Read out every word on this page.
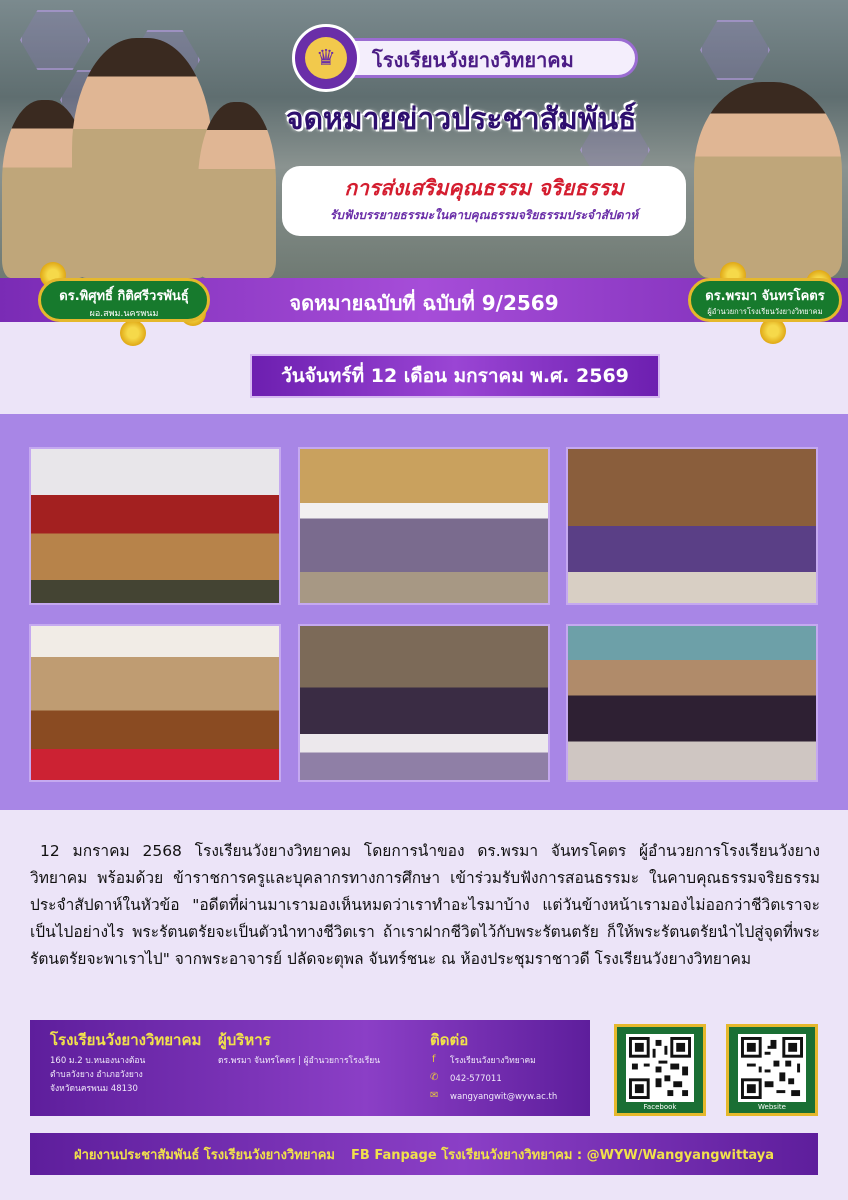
♛	โรงเรียนวังยางวิทยาคม
จดหมายข่าวประชาสัมพันธ์
การส่งเสริมคุณธรรม จริยธรรม
รับฟังบรรยายธรรมะในคาบคุณธรรมจริยธรรมประจำสัปดาห์
จดหมายฉบับที่ ฉบับที่ 9/2569
ดร.พิศุทธิ์ กิติศรีวรพันธุ์
ผอ.สพม.นครพนม
ดร.พรมา จันทรโคตร
ผู้อำนวยการโรงเรียนวังยางวิทยาคม
วันจันทร์ที่ 12 เดือน มกราคม พ.ศ. 2569
12 มกราคม 2568 โรงเรียนวังยางวิทยาคม โดยการนำของ ดร.พรมา จันทรโคตร ผู้อำนวยการโรงเรียนวังยางวิทยาคม พร้อมด้วย ข้าราชการครูและบุคลากรทางการศึกษา เข้าร่วมรับฟังการสอนธรรมะ ในคาบคุณธรรมจริยธรรม ประจำสัปดาห์ในหัวข้อ "อดีตที่ผ่านมาเรามองเห็นหมดว่าเราทำอะไรมาบ้าง แต่วันข้างหน้าเรามองไม่ออกว่าชีวิตเราจะเป็นไปอย่างไร พระรัตนตรัยจะเป็นตัวนำทางชีวิตเรา ถ้าเราฝากชีวิตไว้กับพระรัตนตรัย ก็ให้พระรัตนตรัยนำไปสู่จุดที่พระรัตนตรัยจะพาเราไป" จากพระอาจารย์ ปลัดจะตุพล จันทร์ชนะ ณ ห้องประชุมราชาวดี โรงเรียนวังยางวิทยาคม
โรงเรียนวังยางวิทยาคม
160 ม.2 บ.หนองนางต้อน
ตำบลวังยาง อำเภอวังยาง
จังหวัดนครพนม 48130
ผู้บริหาร
ดร.พรมา จันทรโคตร | ผู้อำนวยการโรงเรียน
ติดต่อ
f โรงเรียนวังยางวิทยาคม
✆ 042-577011
✉ wangyangwit@wyw.ac.th
Facebook	Website
ฝ่ายงานประชาสัมพันธ์ โรงเรียนวังยางวิทยาคม FB Fanpage โรงเรียนวังยางวิทยาคม : @WYW/Wangyangwittaya
